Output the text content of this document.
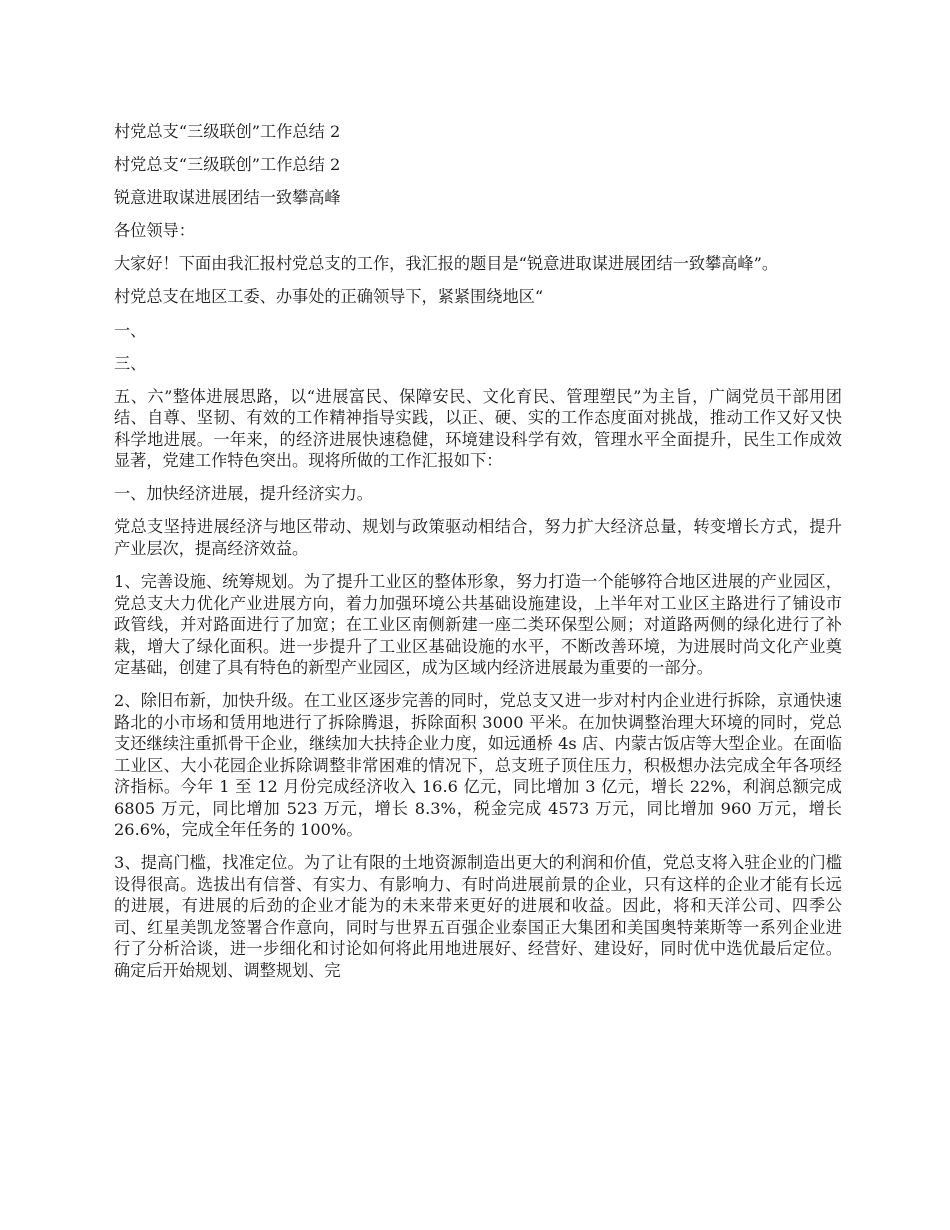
村党总支“三级联创”工作总结 2

村党总支“三级联创”工作总结 2

锐意进取谋进展团结一致攀高峰

各位领导：

大家好！下面由我汇报村党总支的工作，我汇报的题目是“锐意进取谋进展团结一致攀高峰”。

村党总支在地区工委、办事处的正确领导下，紧紧围绕地区“

一、

三、

五、六”整体进展思路，以“进展富民、保障安民、文化育民、管理塑民”为主旨，广阔党员干部用团结、自尊、坚韧、有效的工作精神指导实践，以正、硬、实的工作态度面对挑战，推动工作又好又快科学地进展。一年来，的经济进展快速稳健，环境建设科学有效，管理水平全面提升，民生工作成效显著，党建工作特色突出。现将所做的工作汇报如下：

一、加快经济进展，提升经济实力。

党总支坚持进展经济与地区带动、规划与政策驱动相结合，努力扩大经济总量，转变增长方式，提升产业层次，提高经济效益。

1、完善设施、统筹规划。为了提升工业区的整体形象，努力打造一个能够符合地区进展的产业园区，党总支大力优化产业进展方向，着力加强环境公共基础设施建设，上半年对工业区主路进行了铺设市政管线，并对路面进行了加宽；在工业区南侧新建一座二类环保型公厕；对道路两侧的绿化进行了补栽，增大了绿化面积。进一步提升了工业区基础设施的水平，不断改善环境，为进展时尚文化产业奠定基础，创建了具有特色的新型产业园区，成为区域内经济进展最为重要的一部分。

2、除旧布新，加快升级。在工业区逐步完善的同时，党总支又进一步对村内企业进行拆除，京通快速路北的小市场和赁用地进行了拆除腾退，拆除面积 3000 平米。在加快调整治理大环境的同时，党总支还继续注重抓骨干企业，继续加大扶持企业力度，如远通桥 4s 店、内蒙古饭店等大型企业。在面临工业区、大小花园企业拆除调整非常困难的情况下，总支班子顶住压力，积极想办法完成全年各项经济指标。今年 1 至 12 月份完成经济收入 16.6 亿元，同比增加 3 亿元，增长 22%，利润总额完成 6805 万元，同比增加 523 万元，增长 8.3%，税金完成 4573 万元，同比增加 960 万元，增长 26.6%，完成全年任务的 100%。

3、提高门槛，找准定位。为了让有限的土地资源制造出更大的利润和价值，党总支将入驻企业的门槛设得很高。选拔出有信誉、有实力、有影响力、有时尚进展前景的企业，只有这样的企业才能有长远的进展，有进展的后劲的企业才能为的未来带来更好的进展和收益。因此，将和天洋公司、四季公司、红星美凯龙签署合作意向，同时与世界五百强企业泰国正大集团和美国奥特莱斯等一系列企业进行了分析洽谈，进一步细化和讨论如何将此用地进展好、经营好、建设好，同时优中选优最后定位。确定后开始规划、调整规划、完
